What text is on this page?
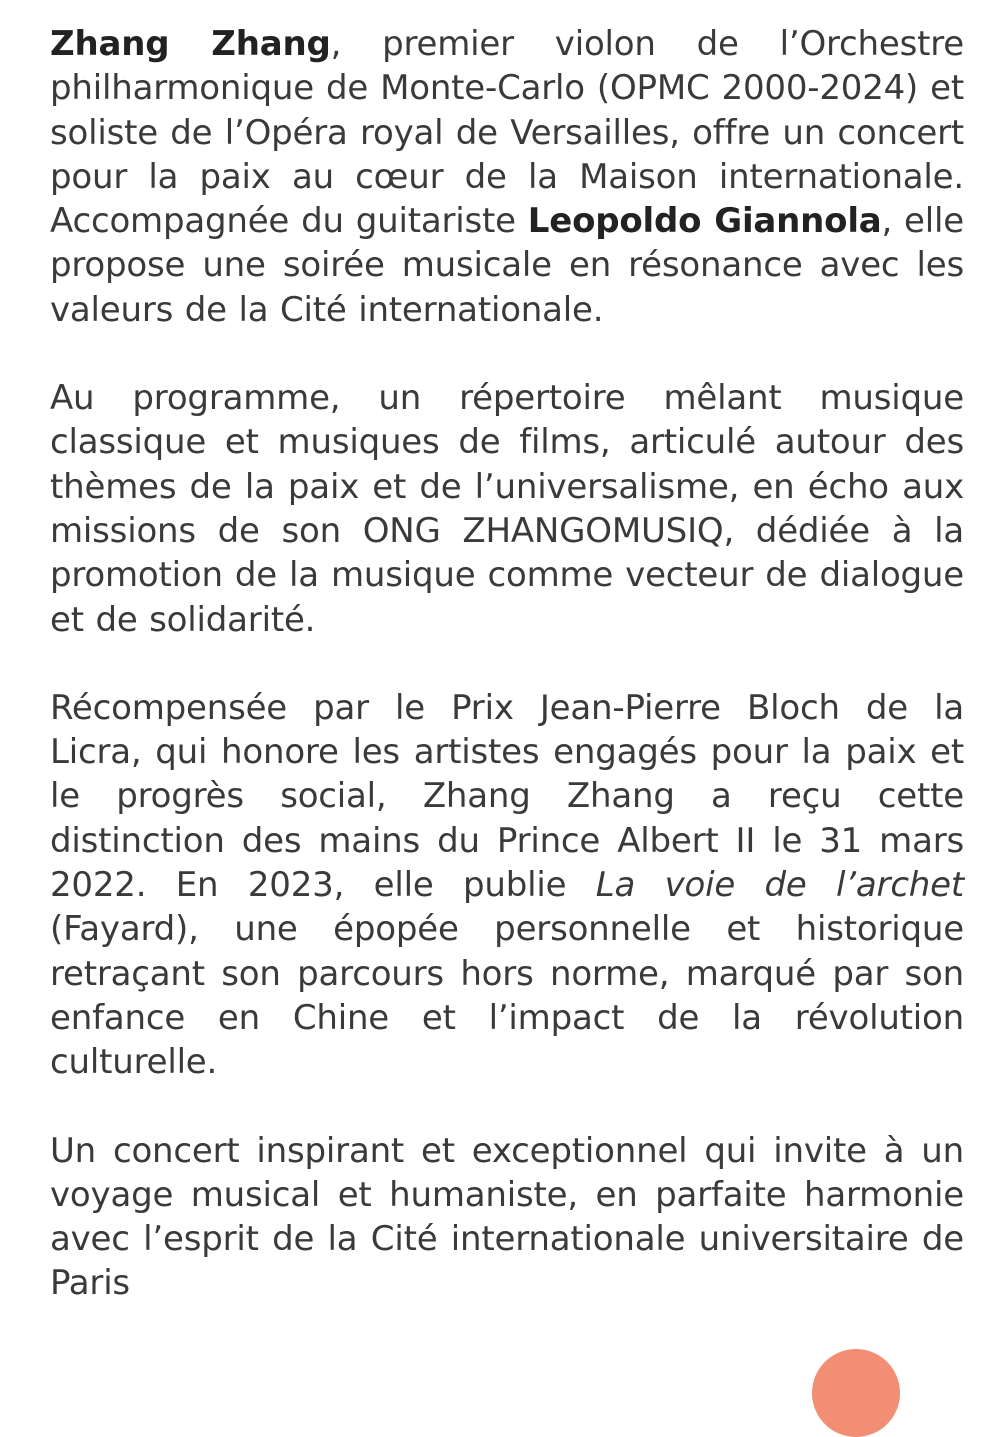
Zhang Zhang, premier violon de l’Orchestre philharmonique de Monte-Carlo (OPMC 2000-2024) et soliste de l’Opéra royal de Versailles, offre un concert pour la paix au cœur de la Maison internationale. Accompagnée du guitariste Leopoldo Giannola, elle propose une soirée musicale en résonance avec les valeurs de la Cité internationale.

Au programme, un répertoire mêlant musique classique et musiques de films, articulé autour des thèmes de la paix et de l’universalisme, en écho aux missions de son ONG ZHANGOMUSIQ, dédiée à la promotion de la musique comme vecteur de dialogue et de solidarité.

Récompensée par le Prix Jean-Pierre Bloch de la Licra, qui honore les artistes engagés pour la paix et le progrès social, Zhang Zhang a reçu cette distinction des mains du Prince Albert II le 31 mars 2022. En 2023, elle publie La voie de l’archet (Fayard), une épopée personnelle et historique retraçant son parcours hors norme, marqué par son enfance en Chine et l’impact de la révolution culturelle.

Un concert inspirant et exceptionnel qui invite à un voyage musical et humaniste, en parfaite harmonie avec l’esprit de la Cité internationale universitaire de Paris
